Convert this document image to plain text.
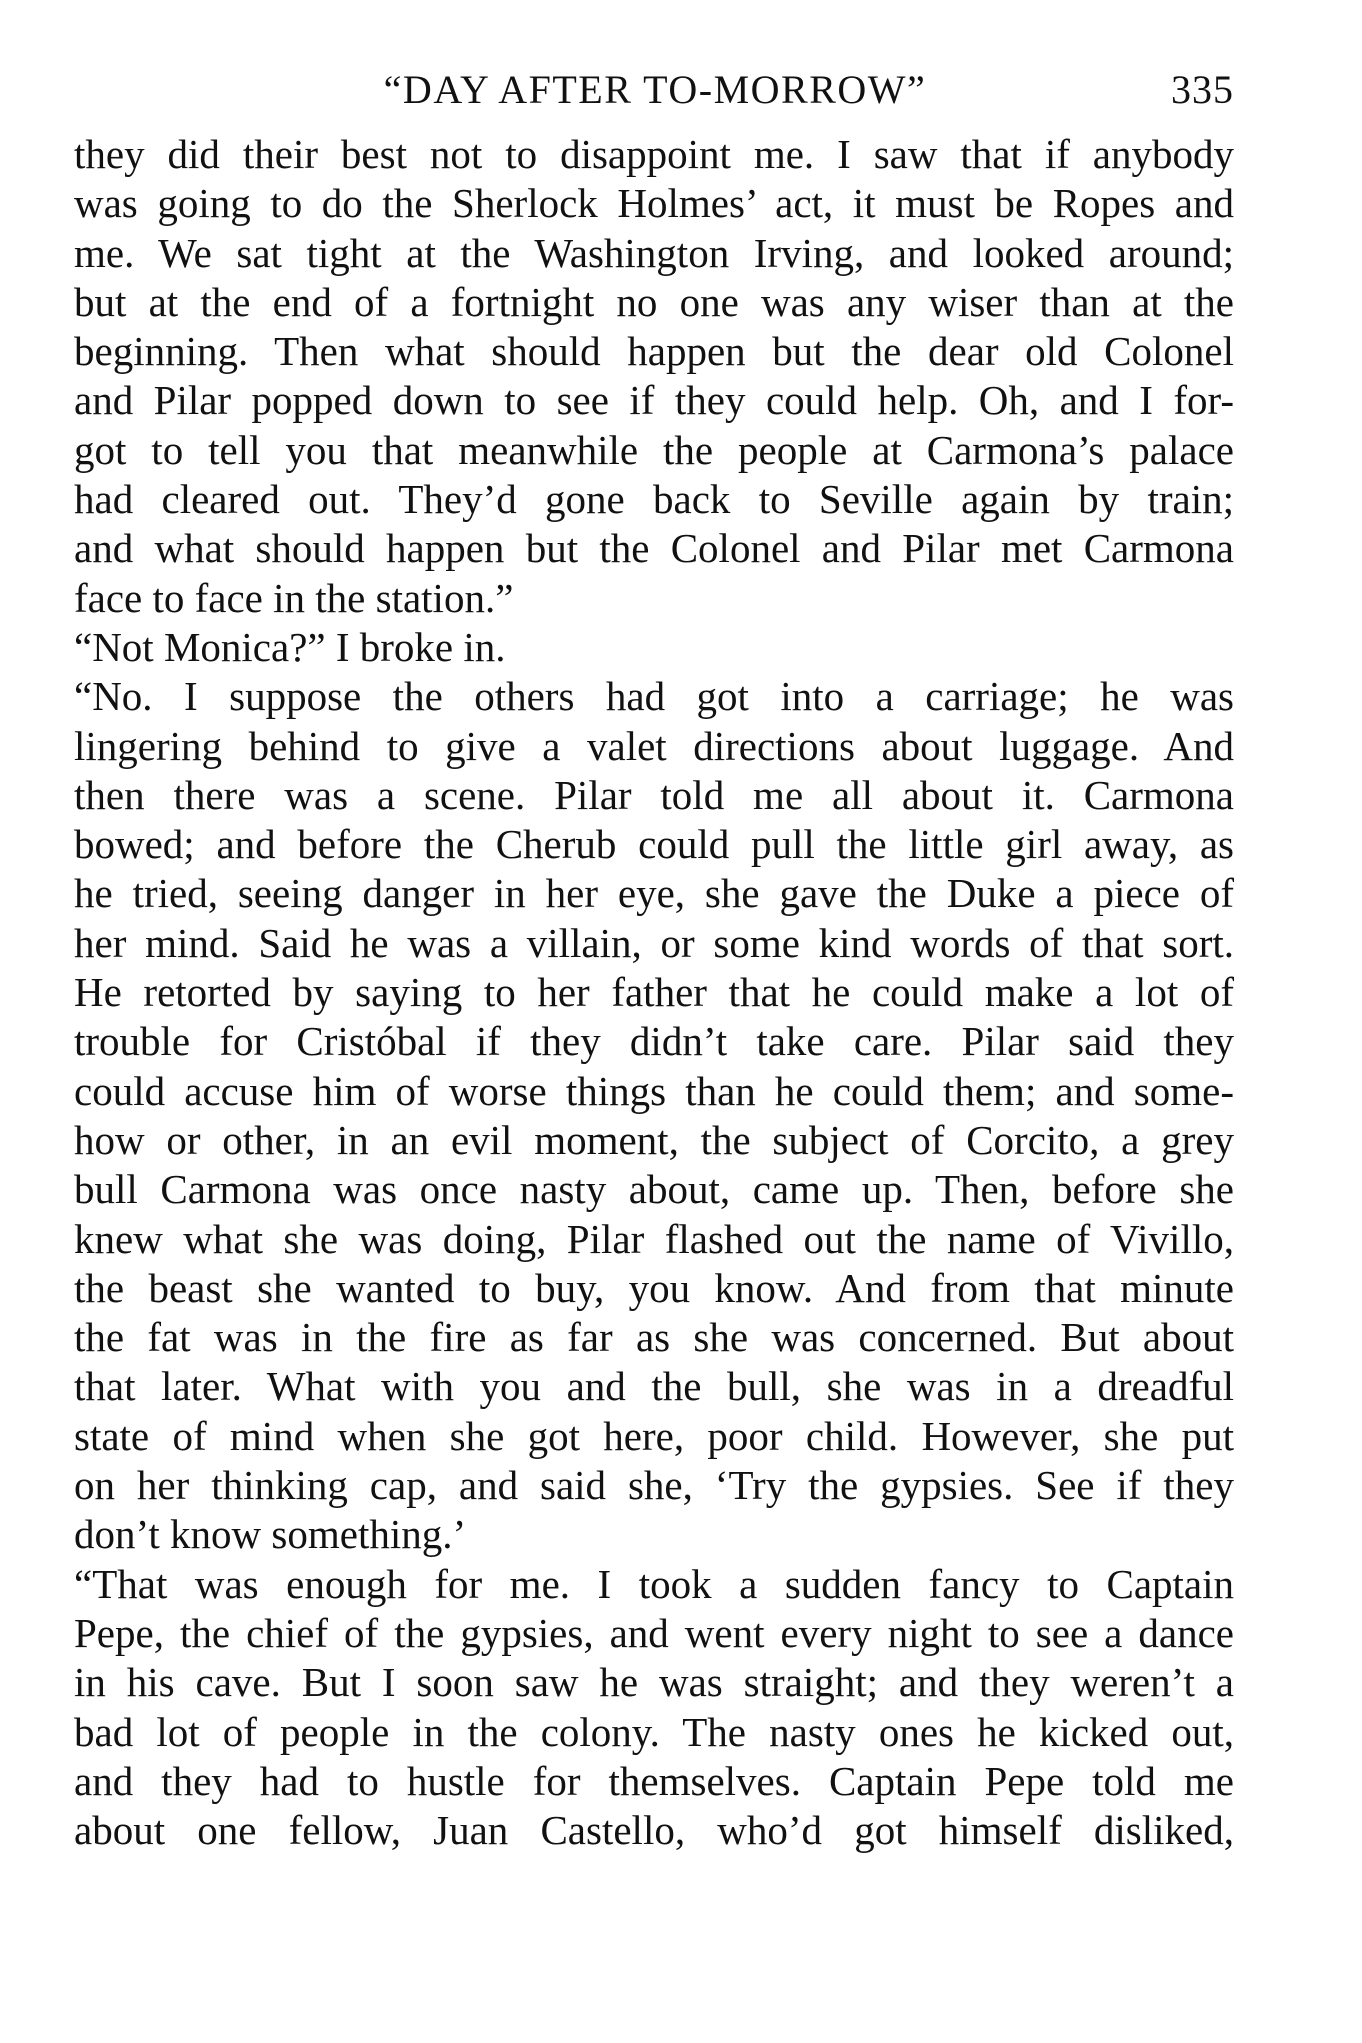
“DAY AFTER TO-MORROW”	335
they did their best not to disappoint me. I saw that if anybody
was going to do the Sherlock Holmes’ act, it must be Ropes and
me. We sat tight at the Washington Irving, and looked around;
but at the end of a fortnight no one was any wiser than at the
beginning. Then what should happen but the dear old Colonel
and Pilar popped down to see if they could help. Oh, and I for-
got to tell you that meanwhile the people at Carmona’s palace
had cleared out. They’d gone back to Seville again by train;
and what should happen but the Colonel and Pilar met Carmona
face to face in the station.”
“Not Monica?” I broke in.
“No. I suppose the others had got into a carriage; he was
lingering behind to give a valet directions about luggage. And
then there was a scene. Pilar told me all about it. Carmona
bowed; and before the Cherub could pull the little girl away, as
he tried, seeing danger in her eye, she gave the Duke a piece of
her mind. Said he was a villain, or some kind words of that sort.
He retorted by saying to her father that he could make a lot of
trouble for Cristóbal if they didn’t take care. Pilar said they
could accuse him of worse things than he could them; and some-
how or other, in an evil moment, the subject of Corcito, a grey
bull Carmona was once nasty about, came up. Then, before she
knew what she was doing, Pilar flashed out the name of Vivillo,
the beast she wanted to buy, you know. And from that minute
the fat was in the fire as far as she was concerned. But about
that later. What with you and the bull, she was in a dreadful
state of mind when she got here, poor child. However, she put
on her thinking cap, and said she, ‘Try the gypsies. See if they
don’t know something.’
“That was enough for me. I took a sudden fancy to Captain
Pepe, the chief of the gypsies, and went every night to see a dance
in his cave. But I soon saw he was straight; and they weren’t a
bad lot of people in the colony. The nasty ones he kicked out,
and they had to hustle for themselves. Captain Pepe told me
about one fellow, Juan Castello, who’d got himself disliked,
